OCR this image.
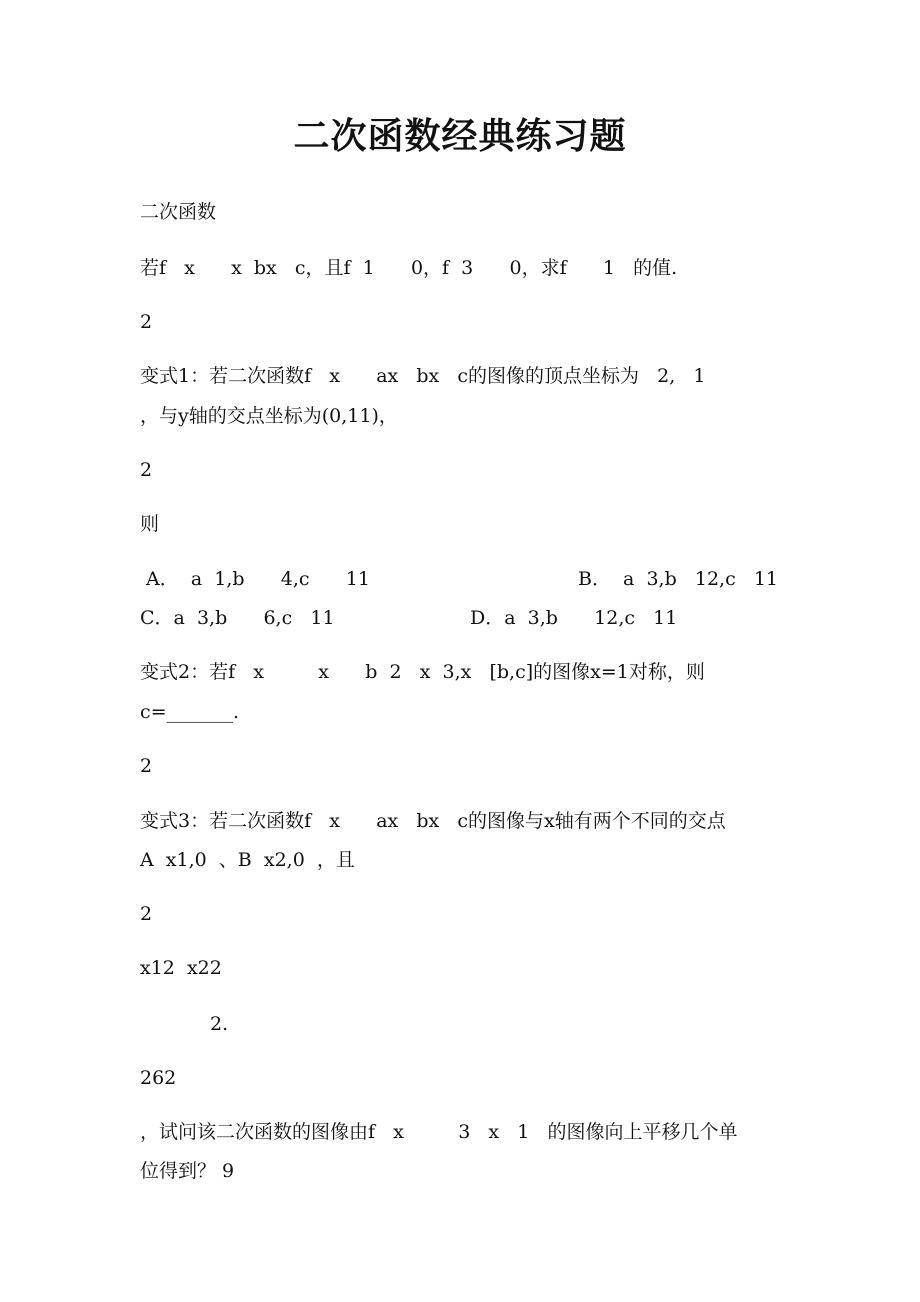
二次函数经典练习题

二次函数

若f   x      x  bx   c，且f  1      0，f  3      0，求f      1   的值.

2

变式1：若二次函数f   x      ax   bx   c的图像的顶点坐标为   2,   1

，与y轴的交点坐标为(0,11)，

2

则

A．  a  1,b      4,c      11	B．  a  3,b   12,c   11

C．a  3,b      6,c   11	D．a  3,b      12,c   11

变式2：若f   x         x      b  2   x  3,x   [b,c]的图像x=1对称，则

c=_______.

2

变式3：若二次函数f   x      ax   bx   c的图像与x轴有两个不同的交点

A  x1,0  、B  x2,0  ，且

2

x12  x22

2.

262

，试问该二次函数的图像由f   x         3   x   1   的图像向上平移几个单

位得到？ 9
